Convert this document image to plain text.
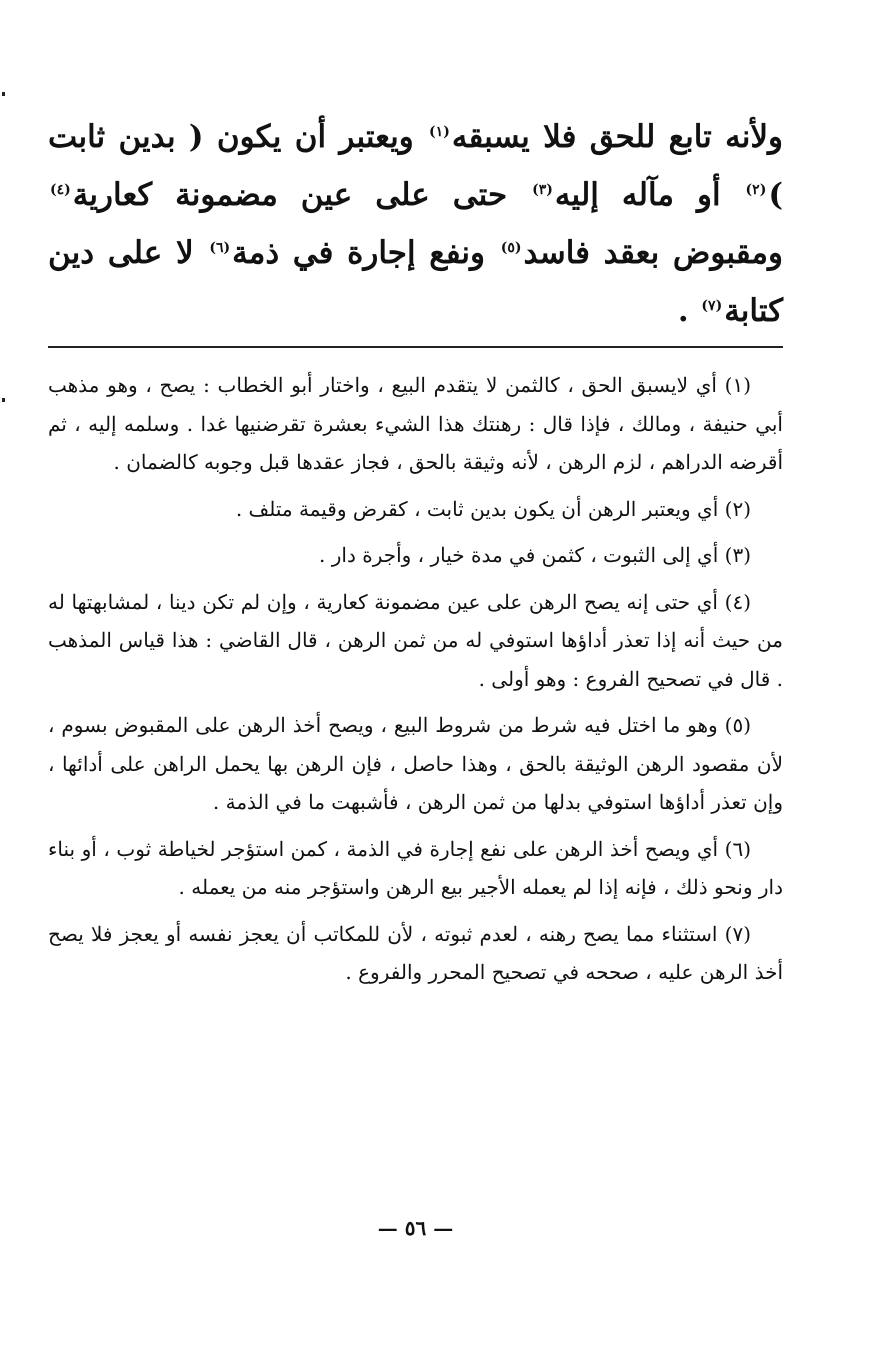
ولأنه تابع للحق فلا يسبقه$^{(١)}$ ويعتبر أن يكون ( بدين ثابت )$^{(٢)}$ أو مآله إليه$^{(٣)}$ حتى على عين مضمونة كعارية$^{(٤)}$ ومقبوض بعقد فاسد$^{(٥)}$ ونفع إجارة في ذمة$^{(٦)}$ لا على دين كتابة$^{(٧)}$ .

(١) أي لايسبق الحق ، كالثمن لا يتقدم البيع ، واختار أبو الخطاب : يصح ، وهو مذهب أبي حنيفة ، ومالك ، فإذا قال : رهنتك هذا الشيء بعشرة تقرضنيها غدا . وسلمه إليه ، ثم أقرضه الدراهم ، لزم الرهن ، لأنه وثيقة بالحق ، فجاز عقدها قبل وجوبه كالضمان .

(٢) أي ويعتبر الرهن أن يكون بدين ثابت ، كقرض وقيمة متلف .

(٣) أي إلى الثبوت ، كثمن في مدة خيار ، وأجرة دار .

(٤) أي حتى إنه يصح الرهن على عين مضمونة كعارية ، وإن لم تكن دينا ، لمشابهتها له من حيث أنه إذا تعذر أداؤها استوفي له من ثمن الرهن ، قال القاضي : هذا قياس المذهب . قال في تصحيح الفروع : وهو أولى .

(٥) وهو ما اختل فيه شرط من شروط البيع ، ويصح أخذ الرهن على المقبوض بسوم ، لأن مقصود الرهن الوثيقة بالحق ، وهذا حاصل ، فإن الرهن بها يحمل الراهن على أدائها ، وإن تعذر أداؤها استوفي بدلها من ثمن الرهن ، فأشبهت ما في الذمة .

(٦) أي ويصح أخذ الرهن على نفع إجارة في الذمة ، كمن استؤجر لخياطة ثوب ، أو بناء دار ونحو ذلك ، فإنه إذا لم يعمله الأجير بيع الرهن واستؤجر منه من يعمله .

(٧) استثناء مما يصح رهنه ، لعدم ثبوته ، لأن للمكاتب أن يعجز نفسه أو يعجز فلا يصح أخذ الرهن عليه ، صححه في تصحيح المحرر والفروع .

— ٥٦ —
